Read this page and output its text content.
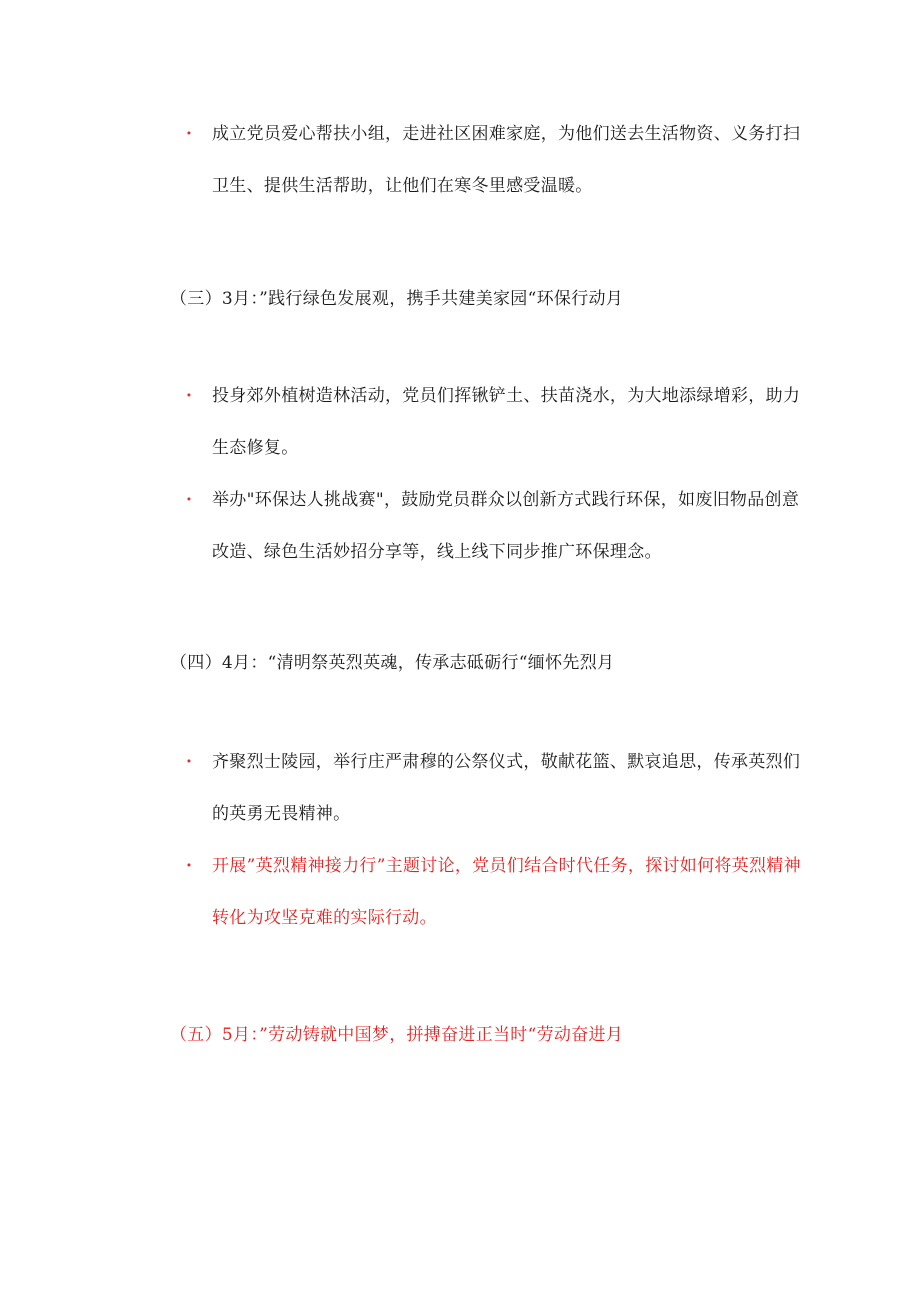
·	成立党员爱心帮扶小组，走进社区困难家庭，为他们送去生活物资、义务打扫卫生、提供生活帮助，让他们在寒冬里感受温暖。
（三）3月：”践行绿色发展观，携手共建美家园“环保行动月
·	投身郊外植树造林活动，党员们挥锹铲土、扶苗浇水，为大地添绿增彩，助力生态修复。
·	举办"环保达人挑战赛"，鼓励党员群众以创新方式践行环保，如废旧物品创意改造、绿色生活妙招分享等，线上线下同步推广环保理念。
（四）4月：“清明祭英烈英魂，传承志砥砺行“缅怀先烈月
·	齐聚烈士陵园，举行庄严肃穆的公祭仪式，敬献花篮、默哀追思，传承英烈们的英勇无畏精神。
·	开展”英烈精神接力行”主题讨论，党员们结合时代任务，探讨如何将英烈精神转化为攻坚克难的实际行动。
（五）5月：”劳动铸就中国梦，拼搏奋进正当时“劳动奋进月
